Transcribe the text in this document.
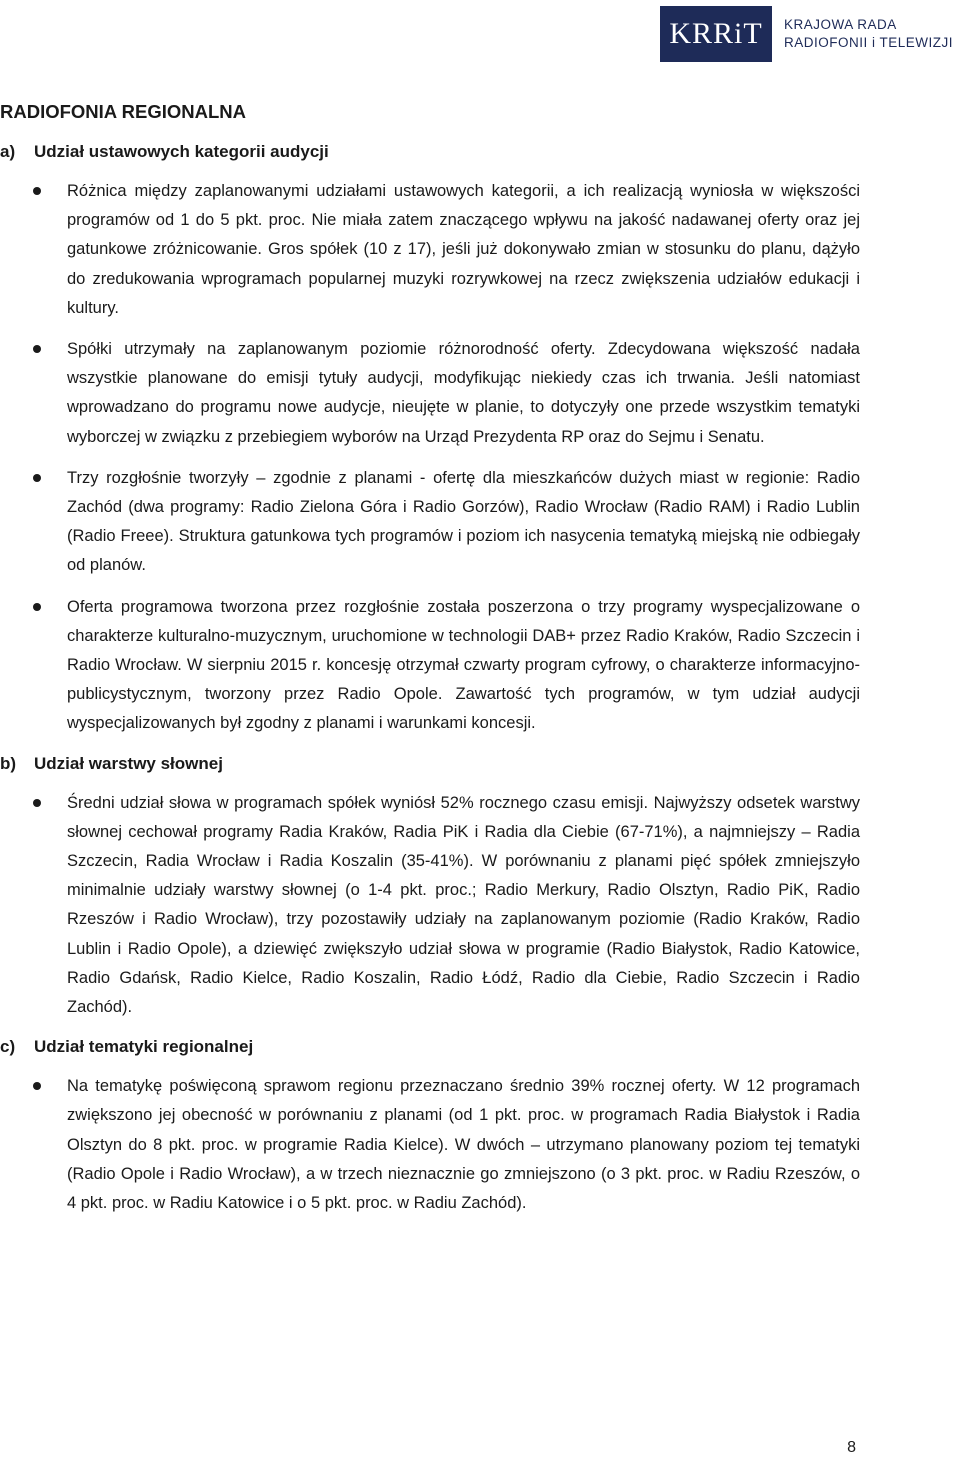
KRRiT	KRAJOWA RADA
RADIOFONII i TELEWIZJI
RADIOFONIA REGIONALNA
a) Udział ustawowych kategorii audycji
Różnica między zaplanowanymi udziałami ustawowych kategorii, a ich realizacją wyniosła w większości programów od 1 do 5 pkt. proc. Nie miała zatem znaczącego wpływu na jakość nadawanej oferty oraz jej gatunkowe zróżnicowanie. Gros spółek (10 z 17), jeśli już dokonywało zmian w stosunku do planu, dążyło do zredukowania wprogramach popularnej muzyki rozrywkowej na rzecz zwiększenia udziałów edukacji i kultury.
Spółki utrzymały na zaplanowanym poziomie różnorodność oferty. Zdecydowana większość nadała wszystkie planowane do emisji tytuły audycji, modyfikując niekiedy czas ich trwania. Jeśli natomiast wprowadzano do programu nowe audycje, nieujęte w planie, to dotyczyły one przede wszystkim tematyki wyborczej w związku z przebiegiem wyborów na Urząd Prezydenta RP oraz do Sejmu i Senatu.
Trzy rozgłośnie tworzyły – zgodnie z planami - ofertę dla mieszkańców dużych miast w regionie: Radio Zachód (dwa programy: Radio Zielona Góra i Radio Gorzów), Radio Wrocław (Radio RAM) i Radio Lublin (Radio Freee). Struktura gatunkowa tych programów i poziom ich nasycenia tematyką miejską nie odbiegały od planów.
Oferta programowa tworzona przez rozgłośnie została poszerzona o trzy programy wyspecjalizowane o charakterze kulturalno-muzycznym, uruchomione w technologii DAB+ przez Radio Kraków, Radio Szczecin i Radio Wrocław. W sierpniu 2015 r. koncesję otrzymał czwarty program cyfrowy, o charakterze informacyjno-publicystycznym, tworzony przez Radio Opole. Zawartość tych programów, w tym udział audycji wyspecjalizowanych był zgodny z planami i warunkami koncesji.
b) Udział warstwy słownej
Średni udział słowa w programach spółek wyniósł 52% rocznego czasu emisji. Najwyższy odsetek warstwy słownej cechował programy Radia Kraków, Radia PiK i Radia dla Ciebie (67-71%), a najmniejszy – Radia Szczecin, Radia Wrocław i Radia Koszalin (35-41%). W porównaniu z planami pięć spółek zmniejszyło minimalnie udziały warstwy słownej (o 1-4 pkt. proc.; Radio Merkury, Radio Olsztyn, Radio PiK, Radio Rzeszów i Radio Wrocław), trzy pozostawiły udziały na zaplanowanym poziomie (Radio Kraków, Radio Lublin i Radio Opole), a dziewięć zwiększyło udział słowa w programie (Radio Białystok, Radio Katowice, Radio Gdańsk, Radio Kielce, Radio Koszalin, Radio Łódź, Radio dla Ciebie, Radio Szczecin i Radio Zachód).
c) Udział tematyki regionalnej
Na tematykę poświęconą sprawom regionu przeznaczano średnio 39% rocznej oferty. W 12 programach zwiększono jej obecność w porównaniu z planami (od 1 pkt. proc. w programach Radia Białystok i Radia Olsztyn do 8 pkt. proc. w programie Radia Kielce). W dwóch – utrzymano planowany poziom tej tematyki (Radio Opole i Radio Wrocław), a w trzech nieznacznie go zmniejszono (o 3 pkt. proc. w Radiu Rzeszów, o 4 pkt. proc. w Radiu Katowice i o 5 pkt. proc. w Radiu Zachód).
8
